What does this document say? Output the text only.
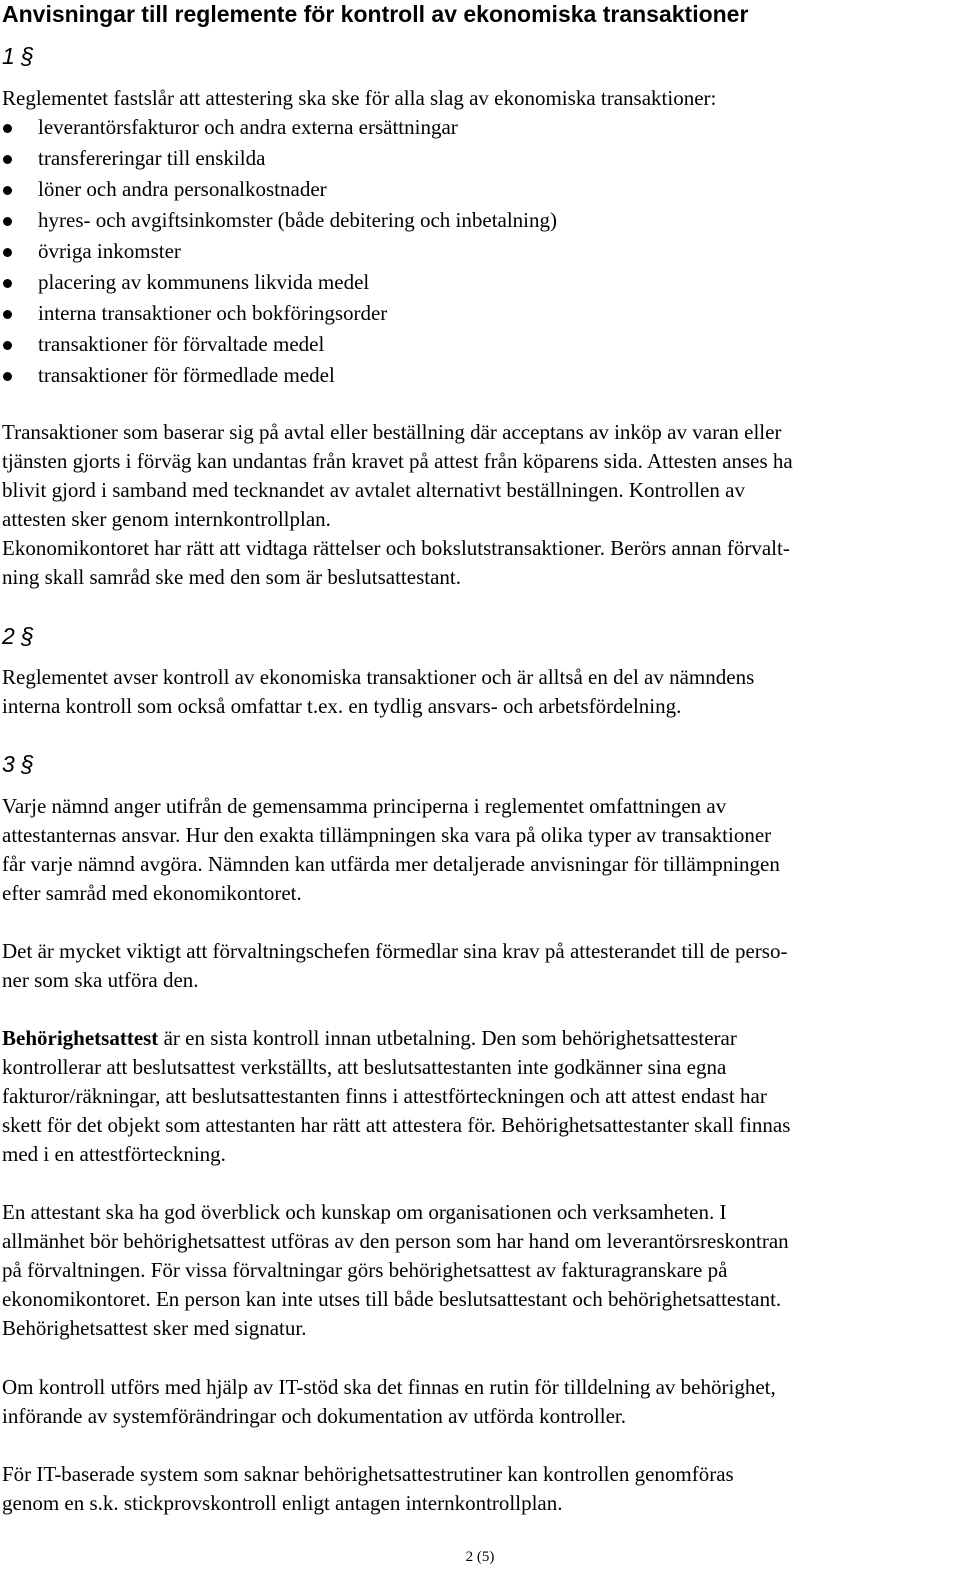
Anvisningar till reglemente för kontroll av ekonomiska transaktioner
1 §

Reglementet fastslår att attestering ska ske för alla slag av ekonomiska transaktioner:

leverantörsfakturor och andra externa ersättningar
transfereringar till enskilda
löner och andra personalkostnader
hyres- och avgiftsinkomster (både debitering och inbetalning)
övriga inkomster
placering av kommunens likvida medel
interna transaktioner och bokföringsorder
transaktioner för förvaltade medel
transaktioner för förmedlade medel

Transaktioner som baserar sig på avtal eller beställning där acceptans av inköp av varan eller
tjänsten gjorts i förväg kan undantas från kravet på attest från köparens sida. Attesten anses ha
blivit gjord i samband med tecknandet av avtalet alternativt beställningen. Kontrollen av
attesten sker genom internkontrollplan.
Ekonomikontoret har rätt att vidtaga rättelser och bokslutstransaktioner. Berörs annan förvalt-
ning skall samråd ske med den som är beslutsattestant.

2 §

Reglementet avser kontroll av ekonomiska transaktioner och är alltså en del av nämndens
interna kontroll som också omfattar t.ex. en tydlig ansvars- och arbetsfördelning.

3 §

Varje nämnd anger utifrån de gemensamma principerna i reglementet omfattningen av
attestanternas ansvar. Hur den exakta tillämpningen ska vara på olika typer av transaktioner
får varje nämnd avgöra. Nämnden kan utfärda mer detaljerade anvisningar för tillämpningen
efter samråd med ekonomikontoret.

Det är mycket viktigt att förvaltningschefen förmedlar sina krav på attesterandet till de perso-
ner som ska utföra den.

Behörighetsattest är en sista kontroll innan utbetalning. Den som behörighetsattesterar
kontrollerar att beslutsattest verkställts, att beslutsattestanten inte godkänner sina egna
fakturor/räkningar, att beslutsattestanten finns i attestförteckningen och att attest endast har
skett för det objekt som attestanten har rätt att attestera för. Behörighetsattestanter skall finnas
med i en attestförteckning.

En attestant ska ha god överblick och kunskap om organisationen och verksamheten. I
allmänhet bör behörighetsattest utföras av den person som har hand om leverantörsreskontran
på förvaltningen. För vissa förvaltningar görs behörighetsattest av fakturagranskare på
ekonomikontoret. En person kan inte utses till både beslutsattestant och behörighetsattestant.
Behörighetsattest sker med signatur.

Om kontroll utförs med hjälp av IT-stöd ska det finnas en rutin för tilldelning av behörighet,
införande av systemförändringar och dokumentation av utförda kontroller.

För IT-baserade system som saknar behörighetsattestrutiner kan kontrollen genomföras
genom en s.k. stickprovskontroll enligt antagen internkontrollplan.

2 (5)
